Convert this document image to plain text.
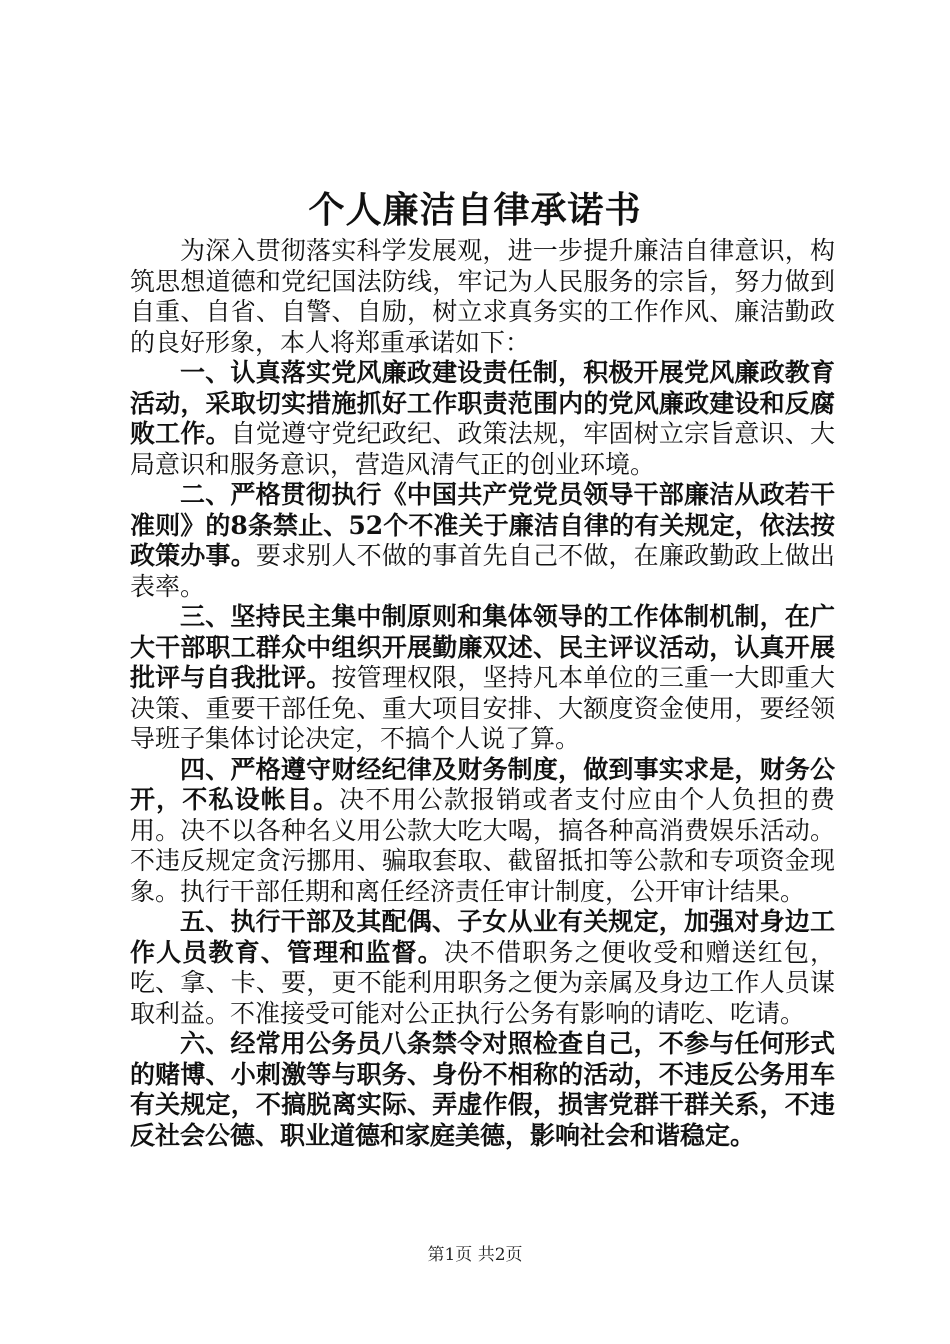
个人廉洁自律承诺书

为深入贯彻落实科学发展观，进一步提升廉洁自律意识，构筑思想道德和党纪国法防线，牢记为人民服务的宗旨，努力做到自重、自省、自警、自励，树立求真务实的工作作风、廉洁勤政的良好形象，本人将郑重承诺如下：

一、认真落实党风廉政建设责任制，积极开展党风廉政教育活动，采取切实措施抓好工作职责范围内的党风廉政建设和反腐败工作。自觉遵守党纪政纪、政策法规，牢固树立宗旨意识、大局意识和服务意识，营造风清气正的创业环境。

二、严格贯彻执行《中国共产党党员领导干部廉洁从政若干准则》的8条禁止、52个不准关于廉洁自律的有关规定，依法按政策办事。要求别人不做的事首先自己不做，在廉政勤政上做出表率。

三、坚持民主集中制原则和集体领导的工作体制机制，在广大干部职工群众中组织开展勤廉双述、民主评议活动，认真开展批评与自我批评。按管理权限，坚持凡本单位的三重一大即重大决策、重要干部任免、重大项目安排、大额度资金使用，要经领导班子集体讨论决定，不搞个人说了算。

四、严格遵守财经纪律及财务制度，做到事实求是，财务公开，不私设帐目。决不用公款报销或者支付应由个人负担的费用。决不以各种名义用公款大吃大喝，搞各种高消费娱乐活动。不违反规定贪污挪用、骗取套取、截留抵扣等公款和专项资金现象。执行干部任期和离任经济责任审计制度，公开审计结果。

五、执行干部及其配偶、子女从业有关规定，加强对身边工作人员教育、管理和监督。决不借职务之便收受和赠送红包，吃、拿、卡、要，更不能利用职务之便为亲属及身边工作人员谋取利益。不准接受可能对公正执行公务有影响的请吃、吃请。

六、经常用公务员八条禁令对照检查自己，不参与任何形式的赌博、小刺激等与职务、身份不相称的活动，不违反公务用车有关规定，不搞脱离实际、弄虚作假，损害党群干群关系，不违反社会公德、职业道德和家庭美德，影响社会和谐稳定。

第1页 共2页
